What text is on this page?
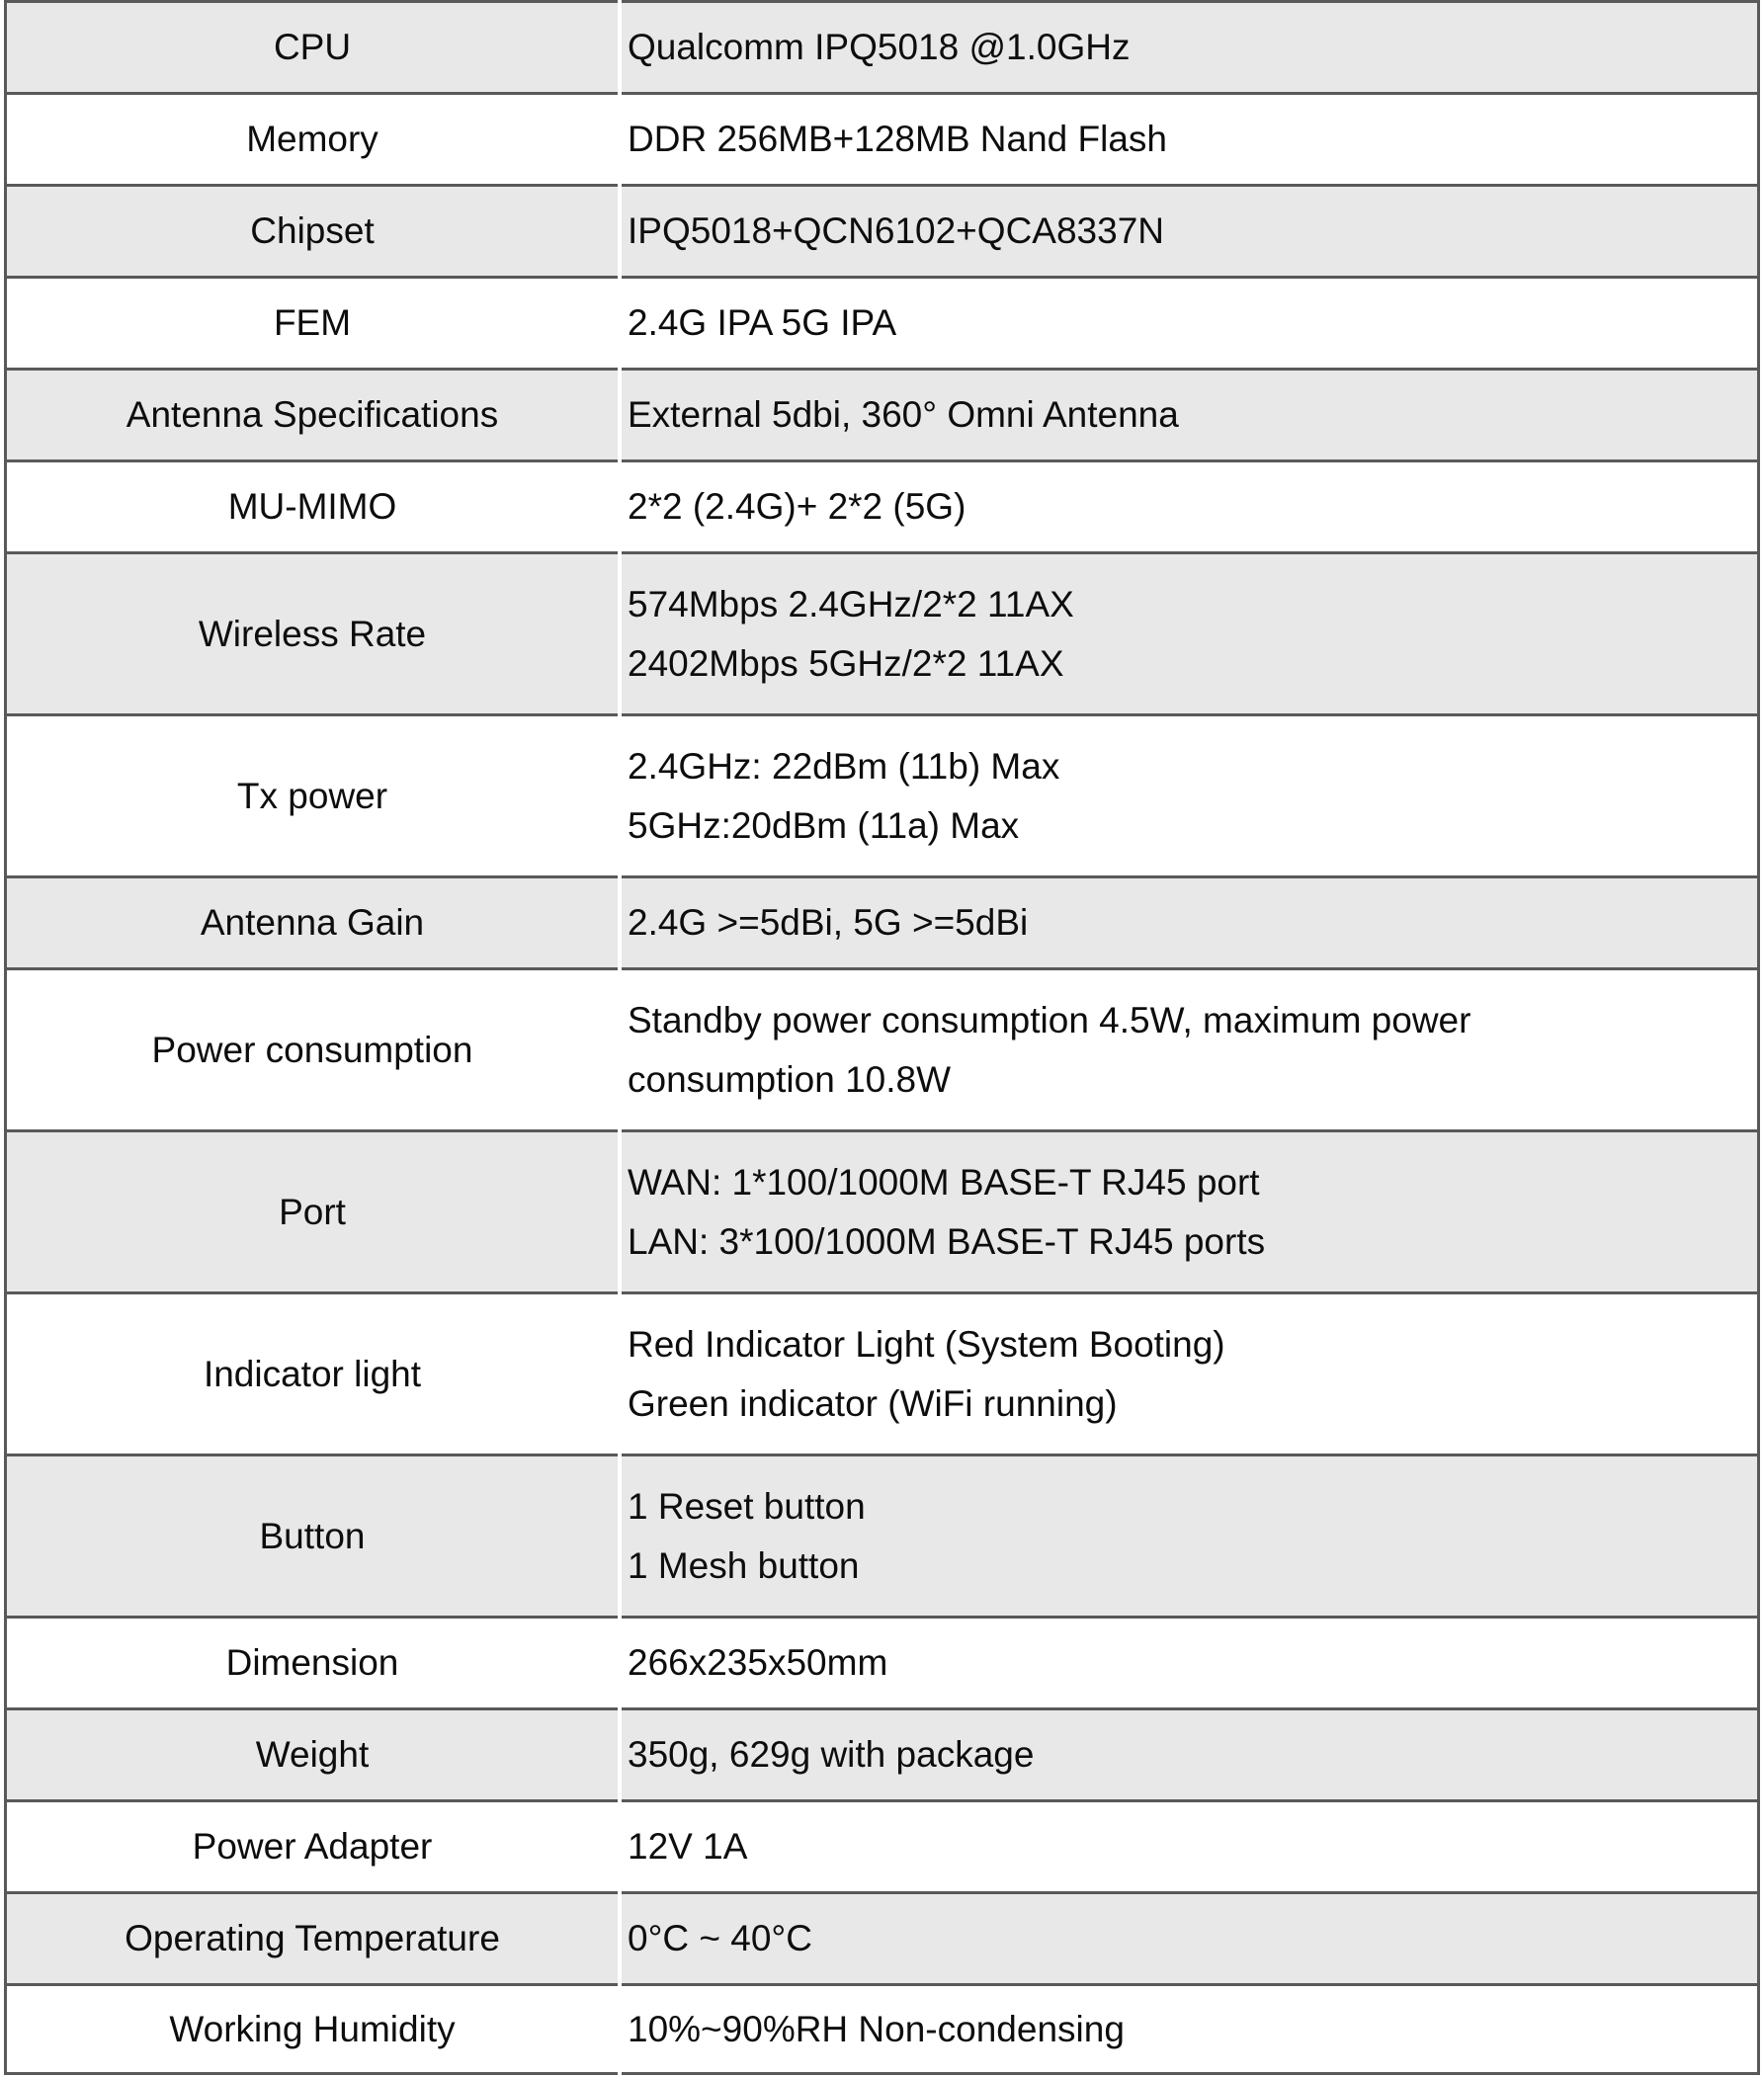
CPU	Qualcomm IPQ5018 @1.0GHz

Memory	DDR 256MB+128MB Nand Flash

Chipset	IPQ5018+QCN6102+QCA8337N

FEM	2.4G IPA 5G IPA

Antenna Specifications	External 5dbi, 360° Omni Antenna

MU-MIMO	2*2 (2.4G)+ 2*2 (5G)

Wireless Rate	574Mbps 2.4GHz/2*2 11AX
2402Mbps 5GHz/2*2 11AX

Tx power	2.4GHz: 22dBm (11b) Max
5GHz:20dBm (11a) Max

Antenna Gain	2.4G >=5dBi, 5G >=5dBi

Power consumption	Standby power consumption 4.5W, maximum power
consumption 10.8W

Port	WAN: 1*100/1000M BASE-T RJ45 port
LAN: 3*100/1000M BASE-T RJ45 ports

Indicator light	Red Indicator Light (System Booting)
Green indicator (WiFi running)

Button	1 Reset button
1 Mesh button

Dimension	266x235x50mm

Weight	350g, 629g with package

Power Adapter	12V 1A

Operating Temperature	0°C ~ 40°C

Working Humidity	10%~90%RH Non-condensing
